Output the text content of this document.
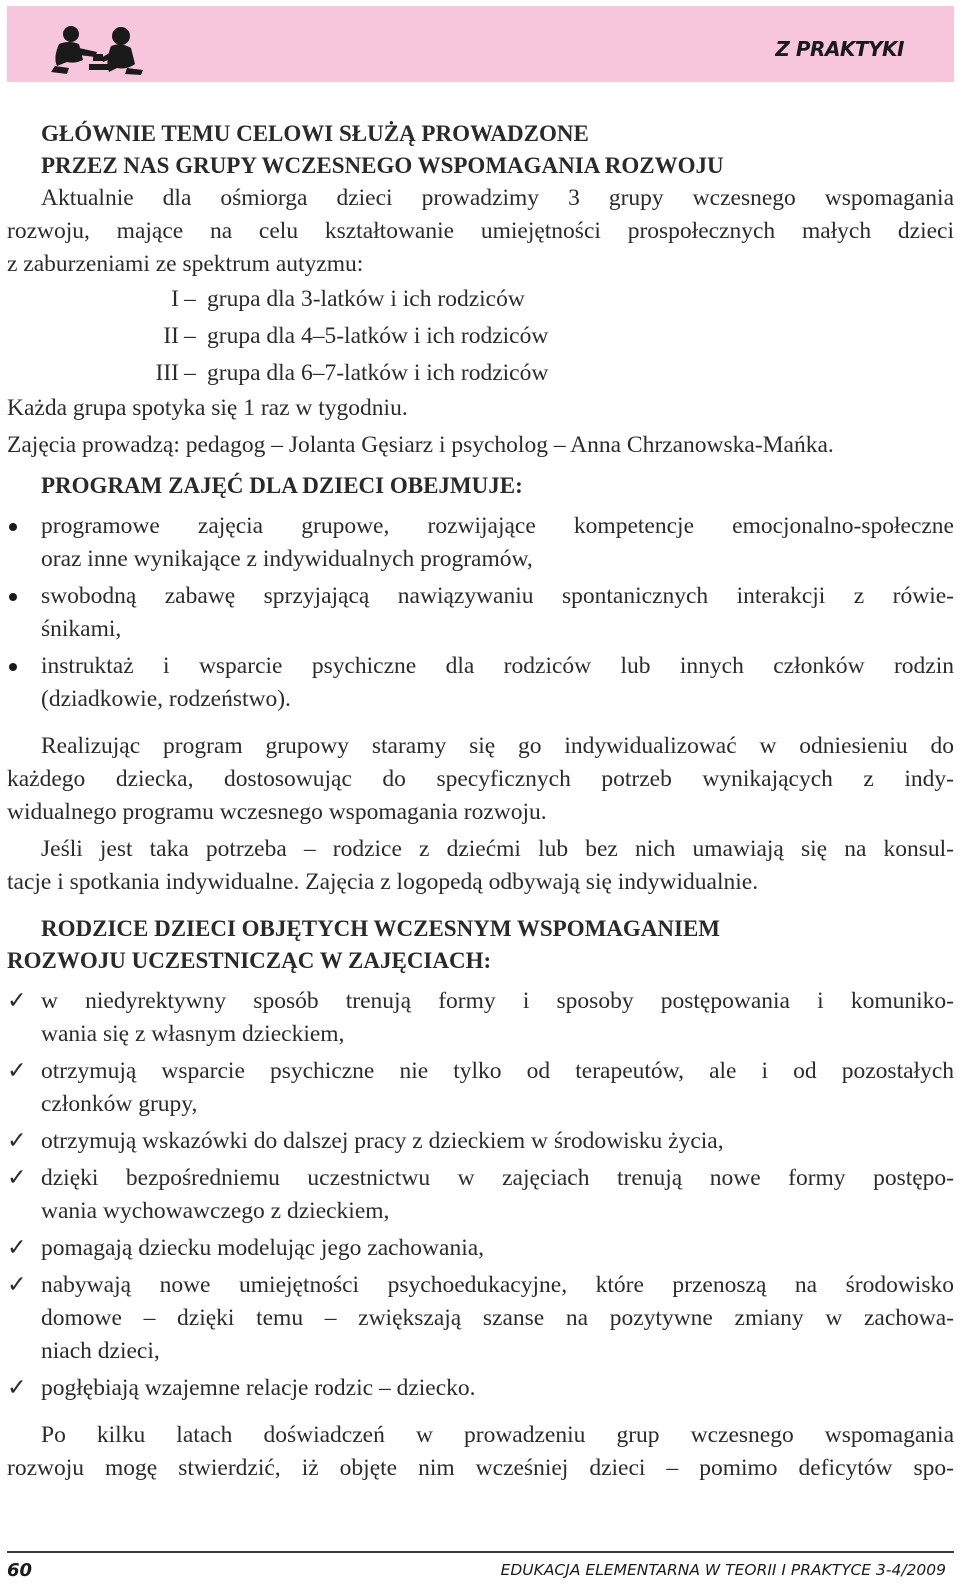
Z PRAKTYKI
GŁÓWNIE TEMU CELOWI SŁUŻĄ PROWADZONE
PRZEZ NAS GRUPY WCZESNEGO WSPOMAGANIA ROZWOJU
Aktualnie dla ośmiorga dzieci prowadzimy 3 grupy wczesnego wspomagania
rozwoju, mające na celu kształtowanie umiejętności prospołecznych małych dzieci
z zaburzeniami ze spektrum autyzmu:
I – grupa dla 3-latków i ich rodziców
II – grupa dla 4–5-latków i ich rodziców
III – grupa dla 6–7-latków i ich rodziców
Każda grupa spotyka się 1 raz w tygodniu.
Zajęcia prowadzą: pedagog – Jolanta Gęsiarz i psycholog – Anna Chrzanowska-Mańka.
PROGRAM ZAJĘĆ DLA DZIECI OBEJMUJE:
programowe zajęcia grupowe, rozwijające kompetencje emocjonalno-społeczne
oraz inne wynikające z indywidualnych programów,
swobodną zabawę sprzyjającą nawiązywaniu spontanicznych interakcji z rówie-
śnikami,
instruktaż i wsparcie psychiczne dla rodziców lub innych członków rodzin
(dziadkowie, rodzeństwo).
Realizując program grupowy staramy się go indywidualizować w odniesieniu do
każdego dziecka, dostosowując do specyficznych potrzeb wynikających z indy-
widualnego programu wczesnego wspomagania rozwoju.
Jeśli jest taka potrzeba – rodzice z dziećmi lub bez nich umawiają się na konsul-
tacje i spotkania indywidualne. Zajęcia z logopedą odbywają się indywidualnie.
RODZICE DZIECI OBJĘTYCH WCZESNYM WSPOMAGANIEM
ROZWOJU UCZESTNICZĄC W ZAJĘCIACH:
✓ w niedyrektywny sposób trenują formy i sposoby postępowania i komuniko-
wania się z własnym dzieckiem,
✓ otrzymują wsparcie psychiczne nie tylko od terapeutów, ale i od pozostałych
członków grupy,
✓ otrzymują wskazówki do dalszej pracy z dzieckiem w środowisku życia,
✓ dzięki bezpośredniemu uczestnictwu w zajęciach trenują nowe formy postępo-
wania wychowawczego z dzieckiem,
✓ pomagają dziecku modelując jego zachowania,
✓ nabywają nowe umiejętności psychoedukacyjne, które przenoszą na środowisko
domowe – dzięki temu – zwiększają szanse na pozytywne zmiany w zachowa-
niach dzieci,
✓ pogłębiają wzajemne relacje rodzic – dziecko.
Po kilku latach doświadczeń w prowadzeniu grup wczesnego wspomagania
rozwoju mogę stwierdzić, iż objęte nim wcześniej dzieci – pomimo deficytów spo-
60	EDUKACJA ELEMENTARNA W TEORII I PRAKTYCE 3-4/2009
